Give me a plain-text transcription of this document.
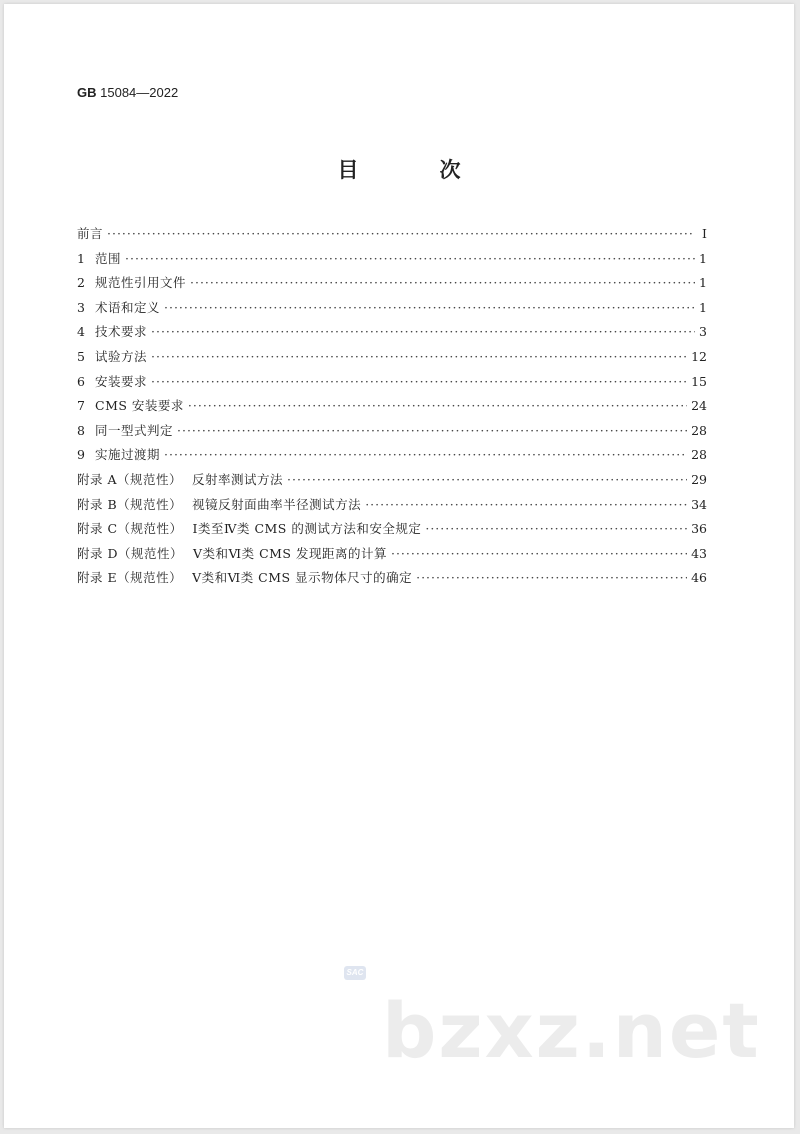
GB 15084—2022
目　次
前言 ·····	Ⅰ
1 范围 ·····	1
2 规范性引用文件 ·····	1
3 术语和定义 ·····	1
4 技术要求 ·····	3
5 试验方法 ·····	12
6 安装要求 ·····	15
7 CMS 安装要求 ·····	24
8 同一型式判定 ·····	28
9 实施过渡期 ·····	28
附录 A（规范性） 反射率测试方法 ·····	29
附录 B（规范性） 视镜反射面曲率半径测试方法 ·····	34
附录 C（规范性） Ⅰ类至Ⅳ类 CMS 的测试方法和安全规定 ·····	36
附录 D（规范性） Ⅴ类和Ⅵ类 CMS 发现距离的计算 ·····	43
附录 E（规范性） Ⅴ类和Ⅵ类 CMS 显示物体尺寸的确定 ·····	46
SAC
bzxz.net
